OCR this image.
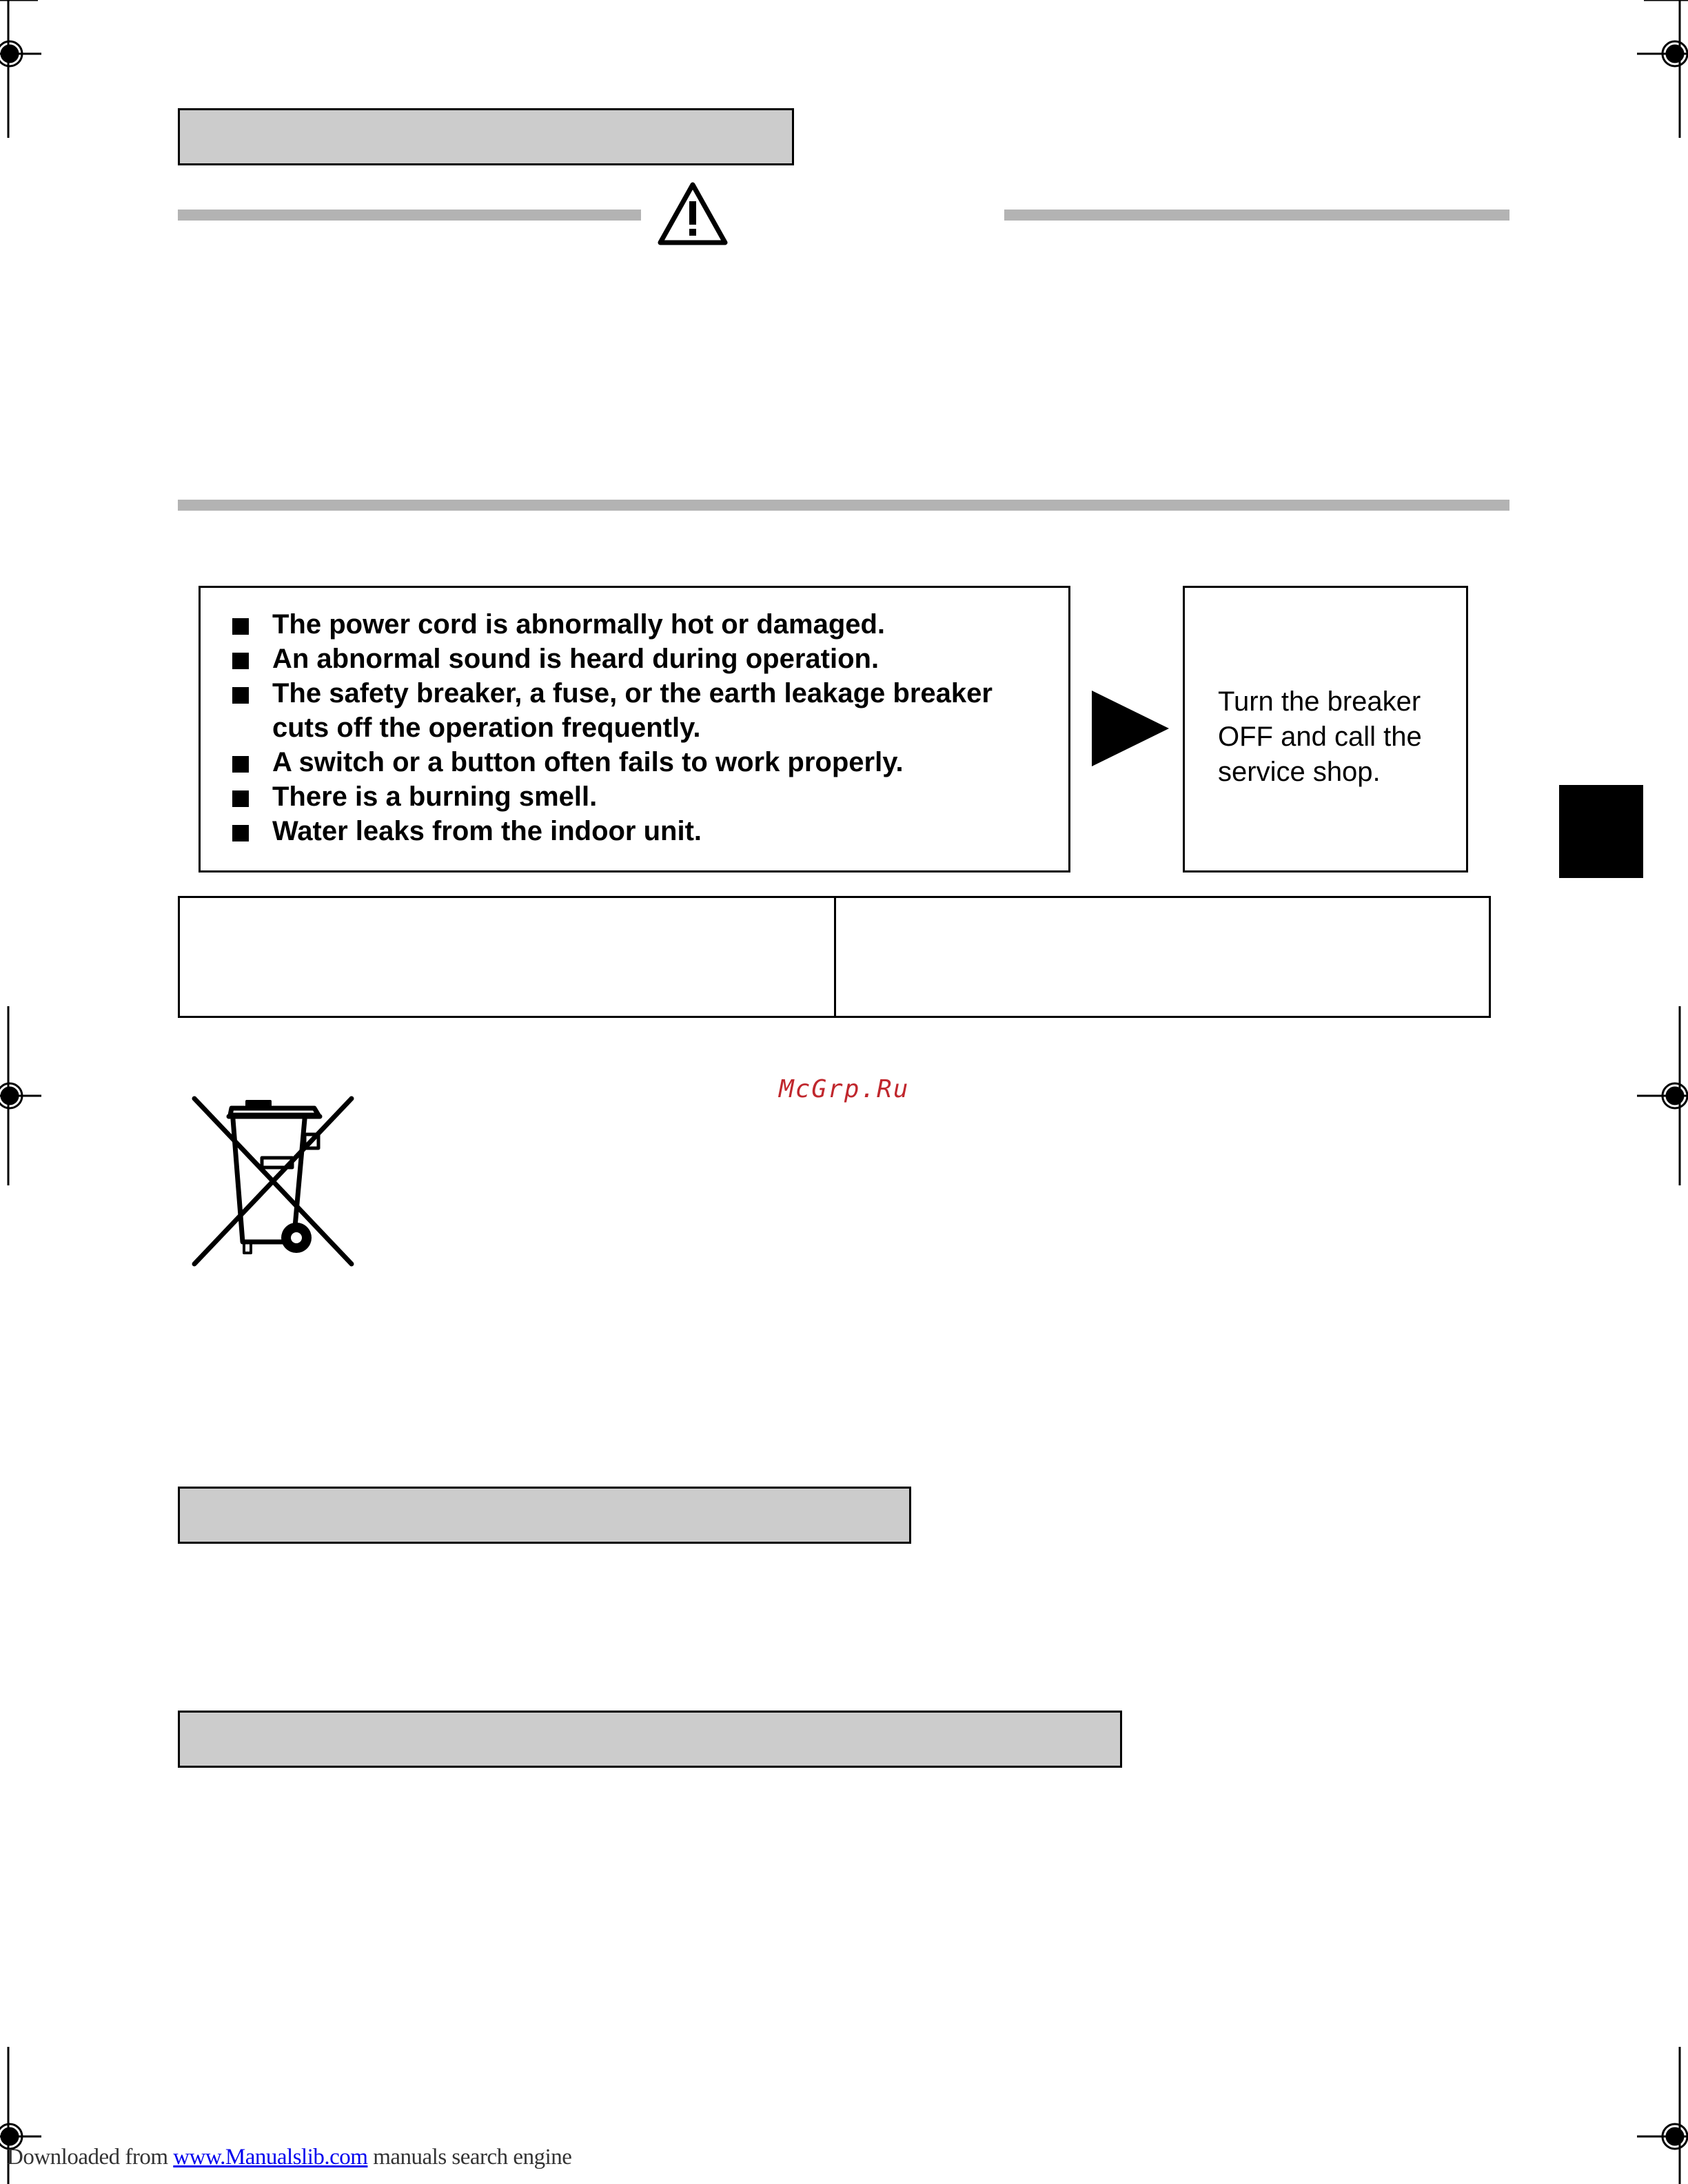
The power cord is abnormally hot or damaged.
An abnormal sound is heard during operation.
The safety breaker, a fuse, or the earth leakage breaker cuts off the operation frequently.
A switch or a button often fails to work properly.
There is a burning smell.
Water leaks from the indoor unit.
Turn the breaker OFF and call the service shop.
McGrp.Ru
Downloaded from www.Manualslib.com manuals search engine
